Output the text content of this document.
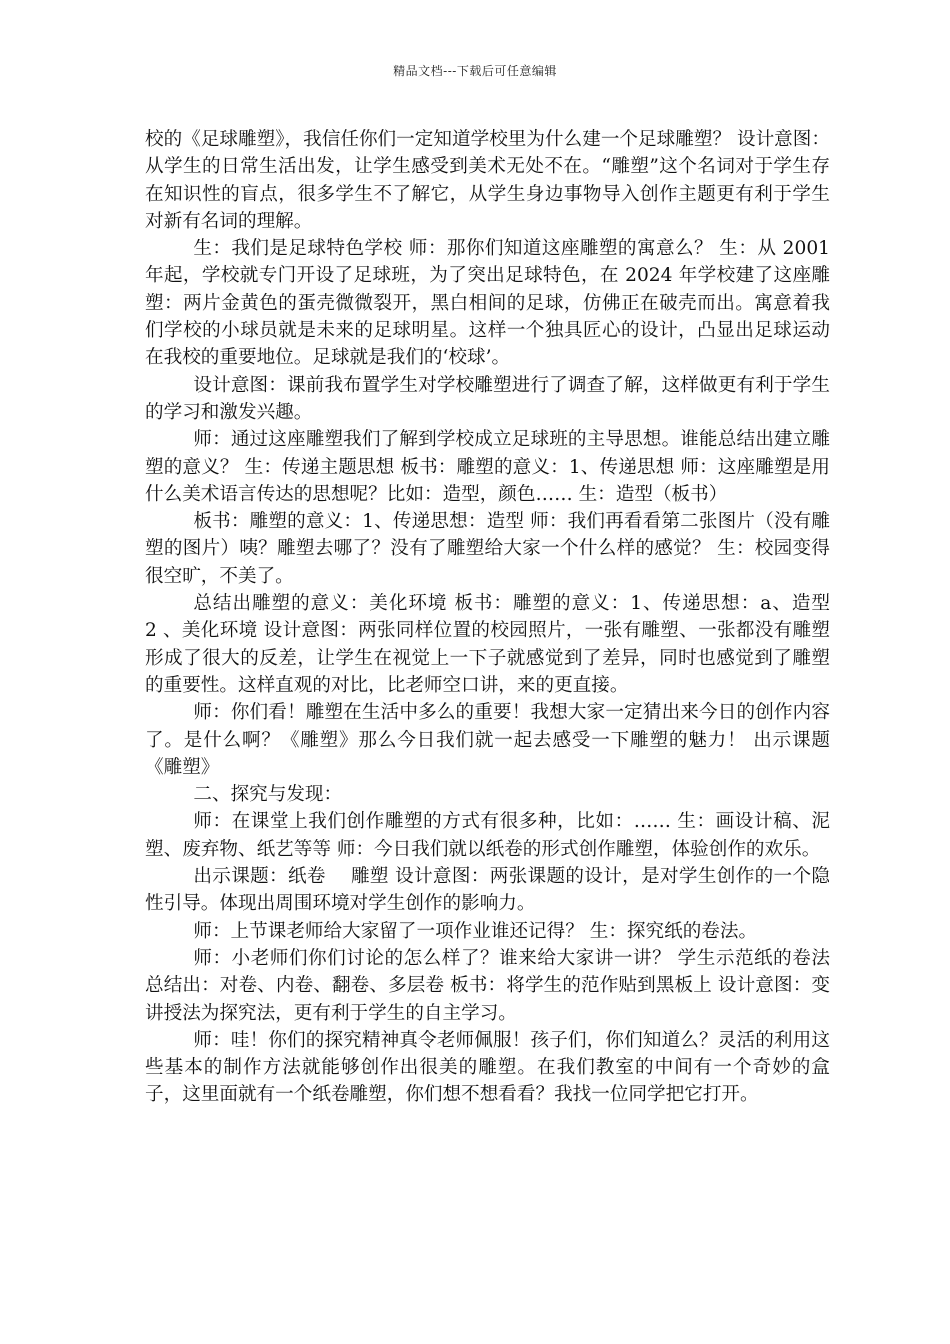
精品文档---下载后可任意编辑

校的《足球雕塑》，我信任你们一定知道学校里为什么建一个足球雕塑？ 设计意图：从学生的日常生活出发，让学生感受到美术无处不在。“雕塑”这个名词对于学生存在知识性的盲点，很多学生不了解它，从学生身边事物导入创作主题更有利于学生对新有名词的理解。

生：我们是足球特色学校 师：那你们知道这座雕塑的寓意么？ 生：从 2001 年起，学校就专门开设了足球班，为了突出足球特色，在 2024 年学校建了这座雕塑：两片金黄色的蛋壳微微裂开，黑白相间的足球，仿佛正在破壳而出。寓意着我们学校的小球员就是未来的足球明星。这样一个独具匠心的设计，凸显出足球运动在我校的重要地位。足球就是我们的‘校球’。

设计意图：课前我布置学生对学校雕塑进行了调查了解，这样做更有利于学生的学习和激发兴趣。

师：通过这座雕塑我们了解到学校成立足球班的主导思想。谁能总结出建立雕塑的意义？ 生：传递主题思想 板书：雕塑的意义：1、传递思想 师：这座雕塑是用什么美术语言传达的思想呢？比如：造型，颜色…… 生：造型（板书）

板书：雕塑的意义：1、传递思想：造型 师：我们再看看第二张图片（没有雕塑的图片）咦？雕塑去哪了？没有了雕塑给大家一个什么样的感觉？ 生：校园变得很空旷，不美了。

总结出雕塑的意义：美化环境 板书：雕塑的意义：1、传递思想：a、造型　 2 、美化环境 设计意图：两张同样位置的校园照片，一张有雕塑、一张都没有雕塑形成了很大的反差，让学生在视觉上一下子就感觉到了差异，同时也感觉到了雕塑的重要性。这样直观的对比，比老师空口讲，来的更直接。

师：你们看！雕塑在生活中多么的重要！我想大家一定猜出来今日的创作内容了。是什么啊？《雕塑》那么今日我们就一起去感受一下雕塑的魅力！ 出示课题《雕塑》

二、探究与发现：

师：在课堂上我们创作雕塑的方式有很多种，比如：…… 生：画设计稿、泥塑、废弃物、纸艺等等 师：今日我们就以纸卷的形式创作雕塑，体验创作的欢乐。

出示课题：纸卷　 雕塑 设计意图：两张课题的设计，是对学生创作的一个隐性引导。体现出周围环境对学生创作的影响力。

师：上节课老师给大家留了一项作业谁还记得？ 生：探究纸的卷法。

师：小老师们你们讨论的怎么样了？谁来给大家讲一讲？ 学生示范纸的卷法总结出：对卷、内卷、翻卷、多层卷 板书：将学生的范作贴到黑板上 设计意图：变讲授法为探究法，更有利于学生的自主学习。

师：哇！你们的探究精神真令老师佩服！孩子们，你们知道么？灵活的利用这些基本的制作方法就能够创作出很美的雕塑。在我们教室的中间有一个奇妙的盒子，这里面就有一个纸卷雕塑，你们想不想看看？我找一位同学把它打开。
